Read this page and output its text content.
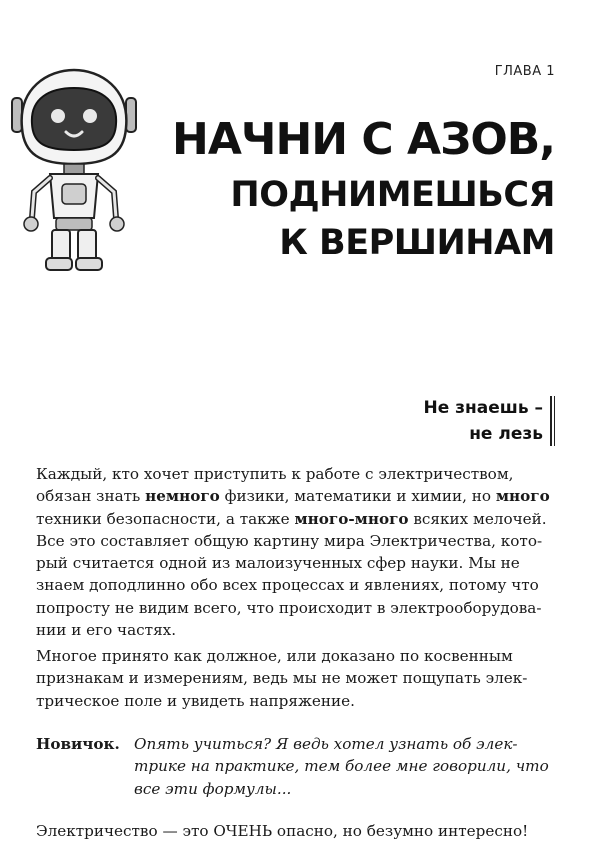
ГЛАВА 1
НАЧНИ С АЗОВ,
ПОДНИМЕШЬСЯ
К ВЕРШИНАМ
Не знаешь –
не лезь
Каждый, кто хочет приступить к работе с электричеством,
обязан знать немного физики, математики и химии, но много
техники безопасности, а также много-много всяких мелочей.
Все это составляет общую картину мира Электричества, кото-
рый считается одной из малоизученных сфер науки. Мы не
знаем доподлинно обо всех процессах и явлениях, потому что
попросту не видим всего, что происходит в электрооборудова-
нии и его частях.
Многое принято как должное, или доказано по косвенным
признакам и измерениям, ведь мы не может пощупать элек-
трическое поле и увидеть напряжение.
Новичок. Опять учиться? Я ведь хотел узнать об элек-
трике на практике, тем более мне говорили, что
все эти формулы...
Электричество — это ОЧЕНЬ опасно, но безумно интересно!
